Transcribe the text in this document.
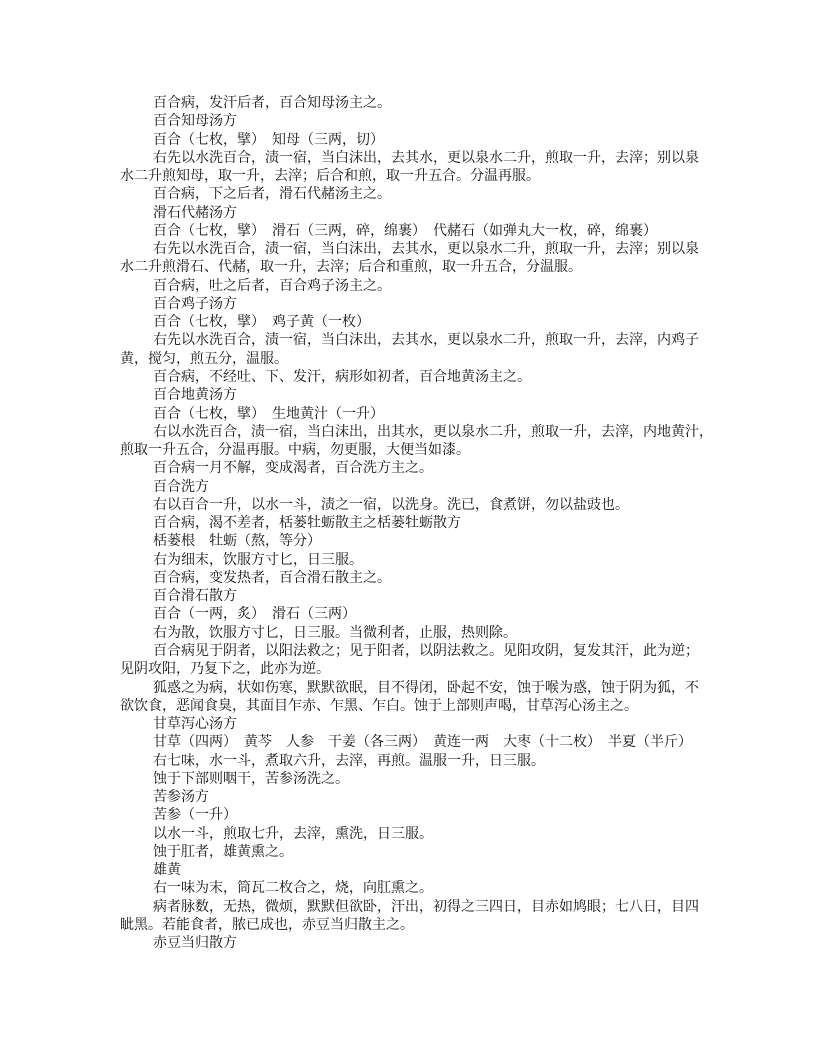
百合病，发汗后者，百合知母汤主之。
百合知母汤方
百合（七枚，擘）　知母（三两，切）
右先以水洗百合，渍一宿，当白沫出，去其水，更以泉水二升，煎取一升，去滓；别以泉
水二升煎知母，取一升，去滓；后合和煎，取一升五合。分温再服。
百合病，下之后者，滑石代赭汤主之。
滑石代赭汤方
百合（七枚，擘）　滑石（三两，碎，绵裹）　代赭石（如弹丸大一枚，碎，绵裹）
右先以水洗百合，渍一宿，当白沫出，去其水，更以泉水二升，煎取一升，去滓；别以泉
水二升煎滑石、代赭，取一升，去滓；后合和重煎，取一升五合，分温服。
百合病，吐之后者，百合鸡子汤主之。
百合鸡子汤方
百合（七枚，擘）　鸡子黄（一枚）
右先以水洗百合，渍一宿，当白沫出，去其水，更以泉水二升，煎取一升，去滓，内鸡子
黄，搅匀，煎五分，温服。
百合病，不经吐、下、发汗，病形如初者，百合地黄汤主之。
百合地黄汤方
百合（七枚，擘）　生地黄汁（一升）
右以水洗百合，渍一宿，当白沫出，出其水，更以泉水二升，煎取一升，去滓，内地黄汁，
煎取一升五合，分温再服。中病，勿更服，大便当如漆。
百合病一月不解，变成渴者，百合洗方主之。
百合洗方
右以百合一升，以水一斗，渍之一宿，以洗身。洗已，食煮饼，勿以盐豉也。
百合病，渴不差者，栝蒌牡蛎散主之栝蒌牡蛎散方
栝蒌根　牡蛎（熬，等分）
右为细末，饮服方寸匕，日三服。
百合病，变发热者，百合滑石散主之。
百合滑石散方
百合（一两，炙）　滑石（三两）
右为散，饮服方寸匕，日三服。当微利者，止服，热则除。
百合病见于阴者，以阳法救之；见于阳者，以阴法救之。见阳攻阴，复发其汗，此为逆；
见阴攻阳，乃复下之，此亦为逆。
狐惑之为病，状如伤寒，默默欲眠，目不得闭，卧起不安，蚀于喉为惑，蚀于阴为狐，不
欲饮食，恶闻食臭，其面目乍赤、乍黑、乍白。蚀于上部则声喝，甘草泻心汤主之。
甘草泻心汤方
甘草（四两）　黄芩　人参　干姜（各三两）　黄连一两　大枣（十二枚）　半夏（半斤）
右七味，水一斗，煮取六升，去滓，再煎。温服一升，日三服。
蚀于下部则咽干，苦参汤洗之。
苦参汤方
苦参（一升）
以水一斗，煎取七升，去滓，熏洗，日三服。
蚀于肛者，雄黄熏之。
雄黄
右一味为末，筒瓦二枚合之，烧，向肛熏之。
病者脉数，无热，微烦，默默但欲卧，汗出，初得之三四日，目赤如鸠眼；七八日，目四
眦黑。若能食者，脓已成也，赤豆当归散主之。
赤豆当归散方
